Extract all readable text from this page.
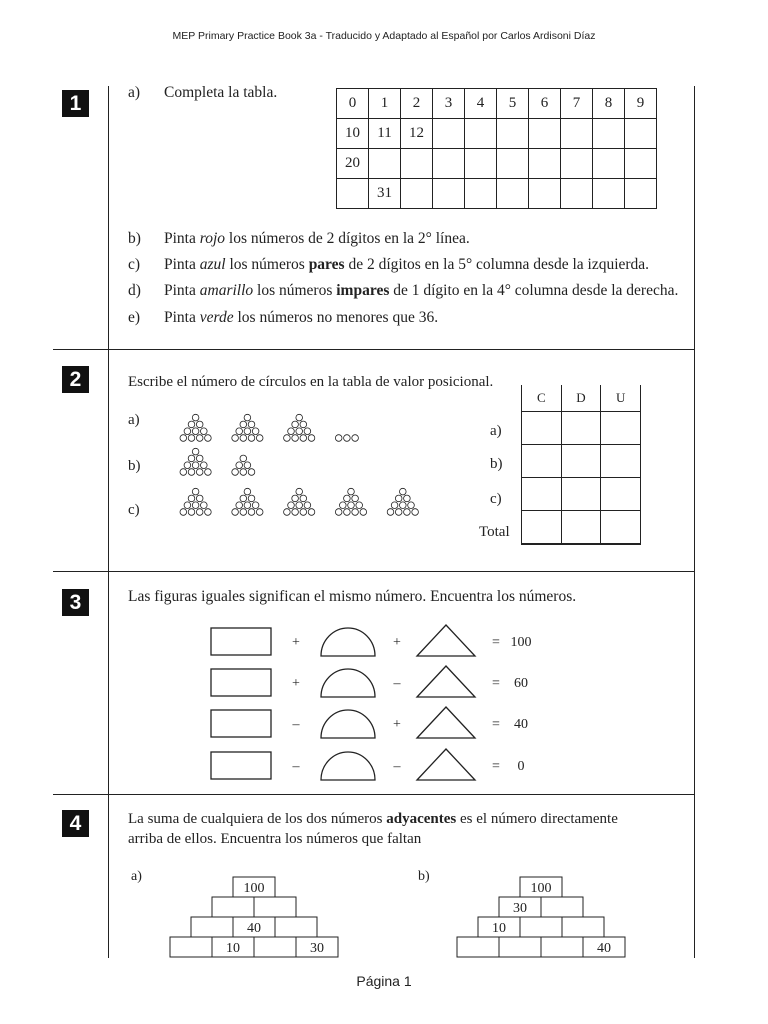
MEP Primary Practice Book 3a - Traducido y Adaptado al Español por Carlos Ardisoni Díaz
1	a) Completa la tabla.
0	1	2	3	4	5	6	7	8	9
10	11	12							
20									
	31								
b) Pinta rojo los números de 2 dígitos en la 2° línea.
c) Pinta azul los números pares de 2 dígitos en la 5° columna desde la izquierda.
d) Pinta amarillo los números impares de 1 dígito en la 4° columna desde la derecha.
e) Pinta verde los números no menores que 36.
2	Escribe el número de círculos en la tabla de valor posicional.
a)
b)
c)
a)
b)
c)
Total
C	D	U

3	Las figuras iguales significan el mismo número. Encuentra los números.
+	+	= 100
+	–	= 60
–	+	= 40
–	–	= 0
4	La suma de cualquiera de los dos números adyacentes es el número directamente
arriba de ellos. Encuentra los números que faltan
a)
100
40
10	30
b)
100
30
10
40
Página 1
